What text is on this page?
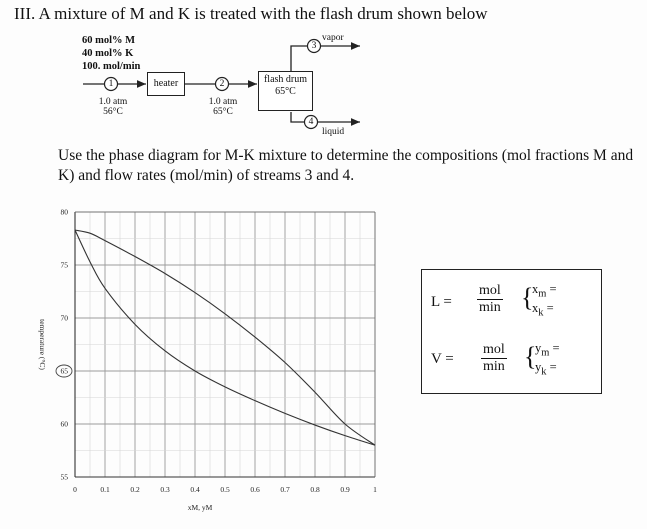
III. A mixture of M and K is treated with the flash drum shown below
60 mol% M
40 mol% K
100. mol/min
1	2
3
4
heater	flash drum
65°C
1.0 atm
56°C
1.0 atm
65°C
vapor
liquid
Use the phase diagram for M-K mixture to determine the compositions (mol fractions M and K) and flow rates (mol/min) of streams 3 and 4.
0	0.1	0.2	0.3	0.4	0.5	0.6	0.7	0.8	0.9	1
55
60
65
70
75
80
xM, yM
temperature (°C)
L =
mol
min {
$x_m$ =
$x_k$ =
V =
mol
min {
$y_m$ =
$y_k$ =
